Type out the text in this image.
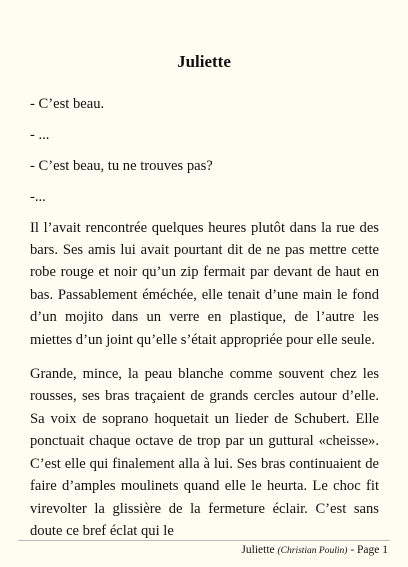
Juliette

- C’est beau.

- ...

- C’est beau, tu ne trouves pas?

-...

Il l’avait rencontrée quelques heures plutôt dans la rue des bars. Ses amis lui avait pourtant dit de ne pas mettre cette robe rouge et noir qu’un zip fermait par devant de haut en bas. Passablement éméchée, elle tenait d’une main le fond d’un mojito dans un verre en plastique, de l’autre les miettes d’un joint qu’elle s’était appropriée pour elle seule.

Grande, mince, la peau blanche comme souvent chez les rousses, ses bras traçaient de grands cercles autour d’elle. Sa voix de soprano hoquetait un lieder de Schubert. Elle ponctuait chaque octave de trop par un guttural «cheisse». C’est elle qui finalement alla à lui. Ses bras continuaient de faire d’amples moulinets quand elle le heurta. Le choc fit virevolter la glissière de la fermeture éclair. C’est sans doute ce bref éclat qui le

Juliette (Christian Poulin) - Page 1
